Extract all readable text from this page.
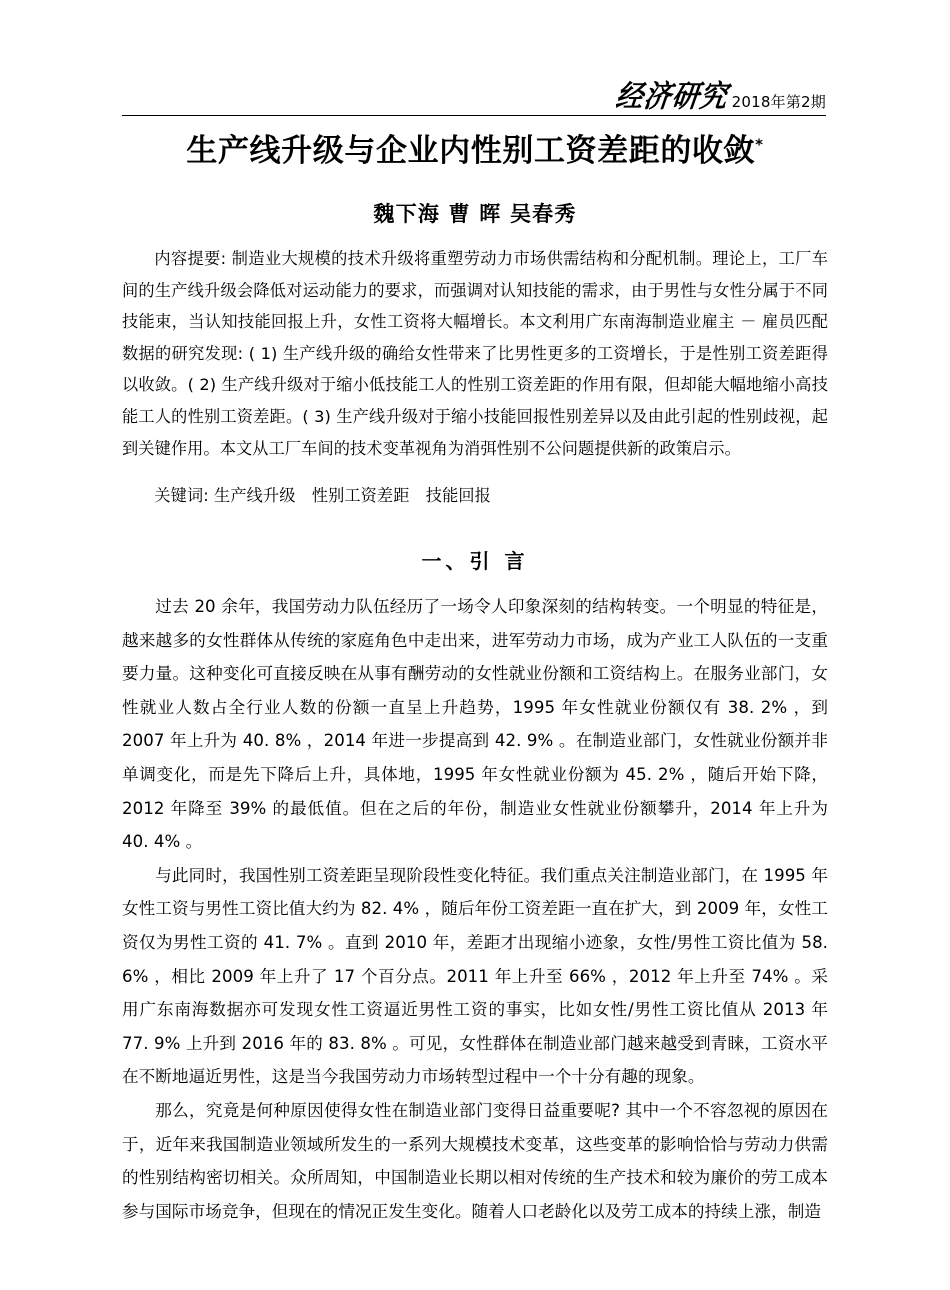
经济研究 2018年第2期
生产线升级与企业内性别工资差距的收敛*
魏下海 曹 晖 吴春秀

内容提要: 制造业大规模的技术升级将重塑劳动力市场供需结构和分配机制。理论上，工厂车间的生产线升级会降低对运动能力的要求，而强调对认知技能的需求，由于男性与女性分属于不同技能束，当认知技能回报上升，女性工资将大幅增长。本文利用广东南海制造业雇主 － 雇员匹配数据的研究发现: ( 1) 生产线升级的确给女性带来了比男性更多的工资增长，于是性别工资差距得以收敛。( 2) 生产线升级对于缩小低技能工人的性别工资差距的作用有限，但却能大幅地缩小高技能工人的性别工资差距。( 3) 生产线升级对于缩小技能回报性别差异以及由此引起的性别歧视，起到关键作用。本文从工厂车间的技术变革视角为消弭性别不公问题提供新的政策启示。

关键词: 生产线升级　性别工资差距　技能回报
一、引 言

过去 20 余年，我国劳动力队伍经历了一场令人印象深刻的结构转变。一个明显的特征是，越来越多的女性群体从传统的家庭角色中走出来，进军劳动力市场，成为产业工人队伍的一支重要力量。这种变化可直接反映在从事有酬劳动的女性就业份额和工资结构上。在服务业部门，女性就业人数占全行业人数的份额一直呈上升趋势，1995 年女性就业份额仅有 38. 2% ，到 2007 年上升为 40. 8% ，2014 年进一步提高到 42. 9% 。在制造业部门，女性就业份额并非单调变化，而是先下降后上升，具体地，1995 年女性就业份额为 45. 2% ，随后开始下降，2012 年降至 39% 的最低值。但在之后的年份，制造业女性就业份额攀升，2014 年上升为 40. 4% 。

与此同时，我国性别工资差距呈现阶段性变化特征。我们重点关注制造业部门，在 1995 年女性工资与男性工资比值大约为 82. 4% ，随后年份工资差距一直在扩大，到 2009 年，女性工资仅为男性工资的 41. 7% 。直到 2010 年，差距才出现缩小迹象，女性/男性工资比值为 58. 6% ，相比 2009 年上升了 17 个百分点。2011 年上升至 66% ，2012 年上升至 74% 。采用广东南海数据亦可发现女性工资逼近男性工资的事实，比如女性/男性工资比值从 2013 年 77. 9% 上升到 2016 年的 83. 8% 。可见，女性群体在制造业部门越来越受到青睐，工资水平在不断地逼近男性，这是当今我国劳动力市场转型过程中一个十分有趣的现象。

那么，究竟是何种原因使得女性在制造业部门变得日益重要呢? 其中一个不容忽视的原因在于，近年来我国制造业领域所发生的一系列大规模技术变革，这些变革的影响恰恰与劳动力供需的性别结构密切相关。众所周知，中国制造业长期以相对传统的生产技术和较为廉价的劳工成本参与国际市场竞争，但现在的情况正发生变化。随着人口老龄化以及劳工成本的持续上涨，制造
